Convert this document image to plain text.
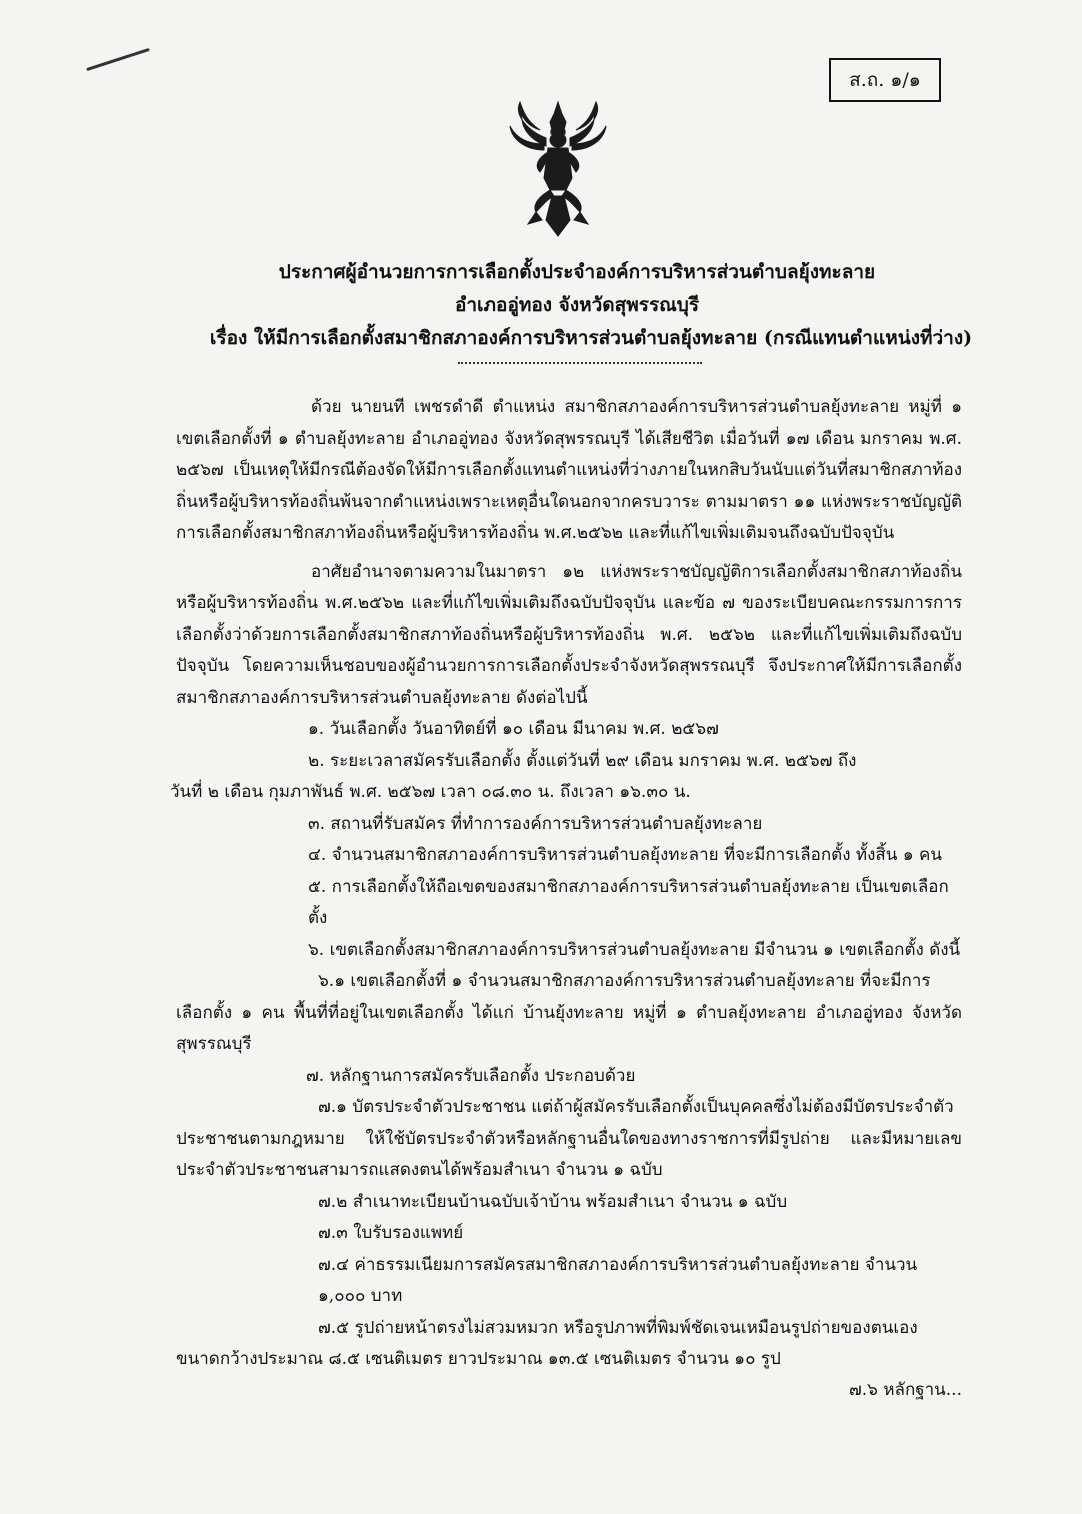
ส.ถ. ๑/๑
ประกาศผู้อำนวยการการเลือกตั้งประจำองค์การบริหารส่วนตำบลยุ้งทะลาย
อำเภออู่ทอง จังหวัดสุพรรณบุรี
เรื่อง ให้มีการเลือกตั้งสมาชิกสภาองค์การบริหารส่วนตำบลยุ้งทะลาย (กรณีแทนตำแหน่งที่ว่าง)
ด้วย นายนที เพชรดำดี ตำแหน่ง สมาชิกสภาองค์การบริหารส่วนตำบลยุ้งทะลาย หมู่ที่ ๑ เขตเลือกตั้งที่ ๑ ตำบลยุ้งทะลาย อำเภออู่ทอง จังหวัดสุพรรณบุรี ได้เสียชีวิต เมื่อวันที่ ๑๗ เดือน มกราคม พ.ศ. ๒๕๖๗ เป็นเหตุให้มีกรณีต้องจัดให้มีการเลือกตั้งแทนตำแหน่งที่ว่างภายในหกสิบวันนับแต่วันที่สมาชิกสภาท้องถิ่นหรือผู้บริหารท้องถิ่นพ้นจากตำแหน่งเพราะเหตุอื่นใดนอกจากครบวาระ ตามมาตรา ๑๑ แห่งพระราชบัญญัติการเลือกตั้งสมาชิกสภาท้องถิ่นหรือผู้บริหารท้องถิ่น พ.ศ.๒๕๖๒ และที่แก้ไขเพิ่มเติมจนถึงฉบับปัจจุบัน
อาศัยอำนาจตามความในมาตรา ๑๒ แห่งพระราชบัญญัติการเลือกตั้งสมาชิกสภาท้องถิ่นหรือผู้บริหารท้องถิ่น พ.ศ.๒๕๖๒ และที่แก้ไขเพิ่มเติมถึงฉบับปัจจุบัน และข้อ ๗ ของระเบียบคณะกรรมการการเลือกตั้งว่าด้วยการเลือกตั้งสมาชิกสภาท้องถิ่นหรือผู้บริหารท้องถิ่น พ.ศ. ๒๕๖๒ และที่แก้ไขเพิ่มเติมถึงฉบับปัจจุบัน โดยความเห็นชอบของผู้อำนวยการการเลือกตั้งประจำจังหวัดสุพรรณบุรี จึงประกาศให้มีการเลือกตั้งสมาชิกสภาองค์การบริหารส่วนตำบลยุ้งทะลาย ดังต่อไปนี้
๑. วันเลือกตั้ง วันอาทิตย์ที่ ๑๐ เดือน มีนาคม พ.ศ. ๒๕๖๗
๒. ระยะเวลาสมัครรับเลือกตั้ง ตั้งแต่วันที่ ๒๙ เดือน มกราคม พ.ศ. ๒๕๖๗ ถึง
วันที่ ๒ เดือน กุมภาพันธ์ พ.ศ. ๒๕๖๗ เวลา ๐๘.๓๐ น. ถึงเวลา ๑๖.๓๐ น.
๓. สถานที่รับสมัคร ที่ทำการองค์การบริหารส่วนตำบลยุ้งทะลาย
๔. จำนวนสมาชิกสภาองค์การบริหารส่วนตำบลยุ้งทะลาย ที่จะมีการเลือกตั้ง ทั้งสิ้น ๑ คน
๕. การเลือกตั้งให้ถือเขตของสมาชิกสภาองค์การบริหารส่วนตำบลยุ้งทะลาย เป็นเขตเลือกตั้ง
๖. เขตเลือกตั้งสมาชิกสภาองค์การบริหารส่วนตำบลยุ้งทะลาย มีจำนวน ๑ เขตเลือกตั้ง ดังนี้
๖.๑ เขตเลือกตั้งที่ ๑ จำนวนสมาชิกสภาองค์การบริหารส่วนตำบลยุ้งทะลาย ที่จะมีการ
เลือกตั้ง ๑ คน พื้นที่ที่อยู่ในเขตเลือกตั้ง ได้แก่ บ้านยุ้งทะลาย หมู่ที่ ๑ ตำบลยุ้งทะลาย อำเภออู่ทอง จังหวัดสุพรรณบุรี
๗. หลักฐานการสมัครรับเลือกตั้ง ประกอบด้วย
๗.๑ บัตรประจำตัวประชาชน แต่ถ้าผู้สมัครรับเลือกตั้งเป็นบุคคลซึ่งไม่ต้องมีบัตรประจำตัว
ประชาชนตามกฎหมาย ให้ใช้บัตรประจำตัวหรือหลักฐานอื่นใดของทางราชการที่มีรูปถ่าย และมีหมายเลขประจำตัวประชาชนสามารถแสดงตนได้พร้อมสำเนา จำนวน ๑ ฉบับ
๗.๒ สำเนาทะเบียนบ้านฉบับเจ้าบ้าน พร้อมสำเนา จำนวน ๑ ฉบับ
๗.๓ ใบรับรองแพทย์
๗.๔ ค่าธรรมเนียมการสมัครสมาชิกสภาองค์การบริหารส่วนตำบลยุ้งทะลาย จำนวน ๑,๐๐๐ บาท
๗.๕ รูปถ่ายหน้าตรงไม่สวมหมวก หรือรูปภาพที่พิมพ์ชัดเจนเหมือนรูปถ่ายของตนเอง
ขนาดกว้างประมาณ ๘.๕ เซนติเมตร ยาวประมาณ ๑๓.๕ เซนติเมตร จำนวน ๑๐ รูป
๗.๖ หลักฐาน...
